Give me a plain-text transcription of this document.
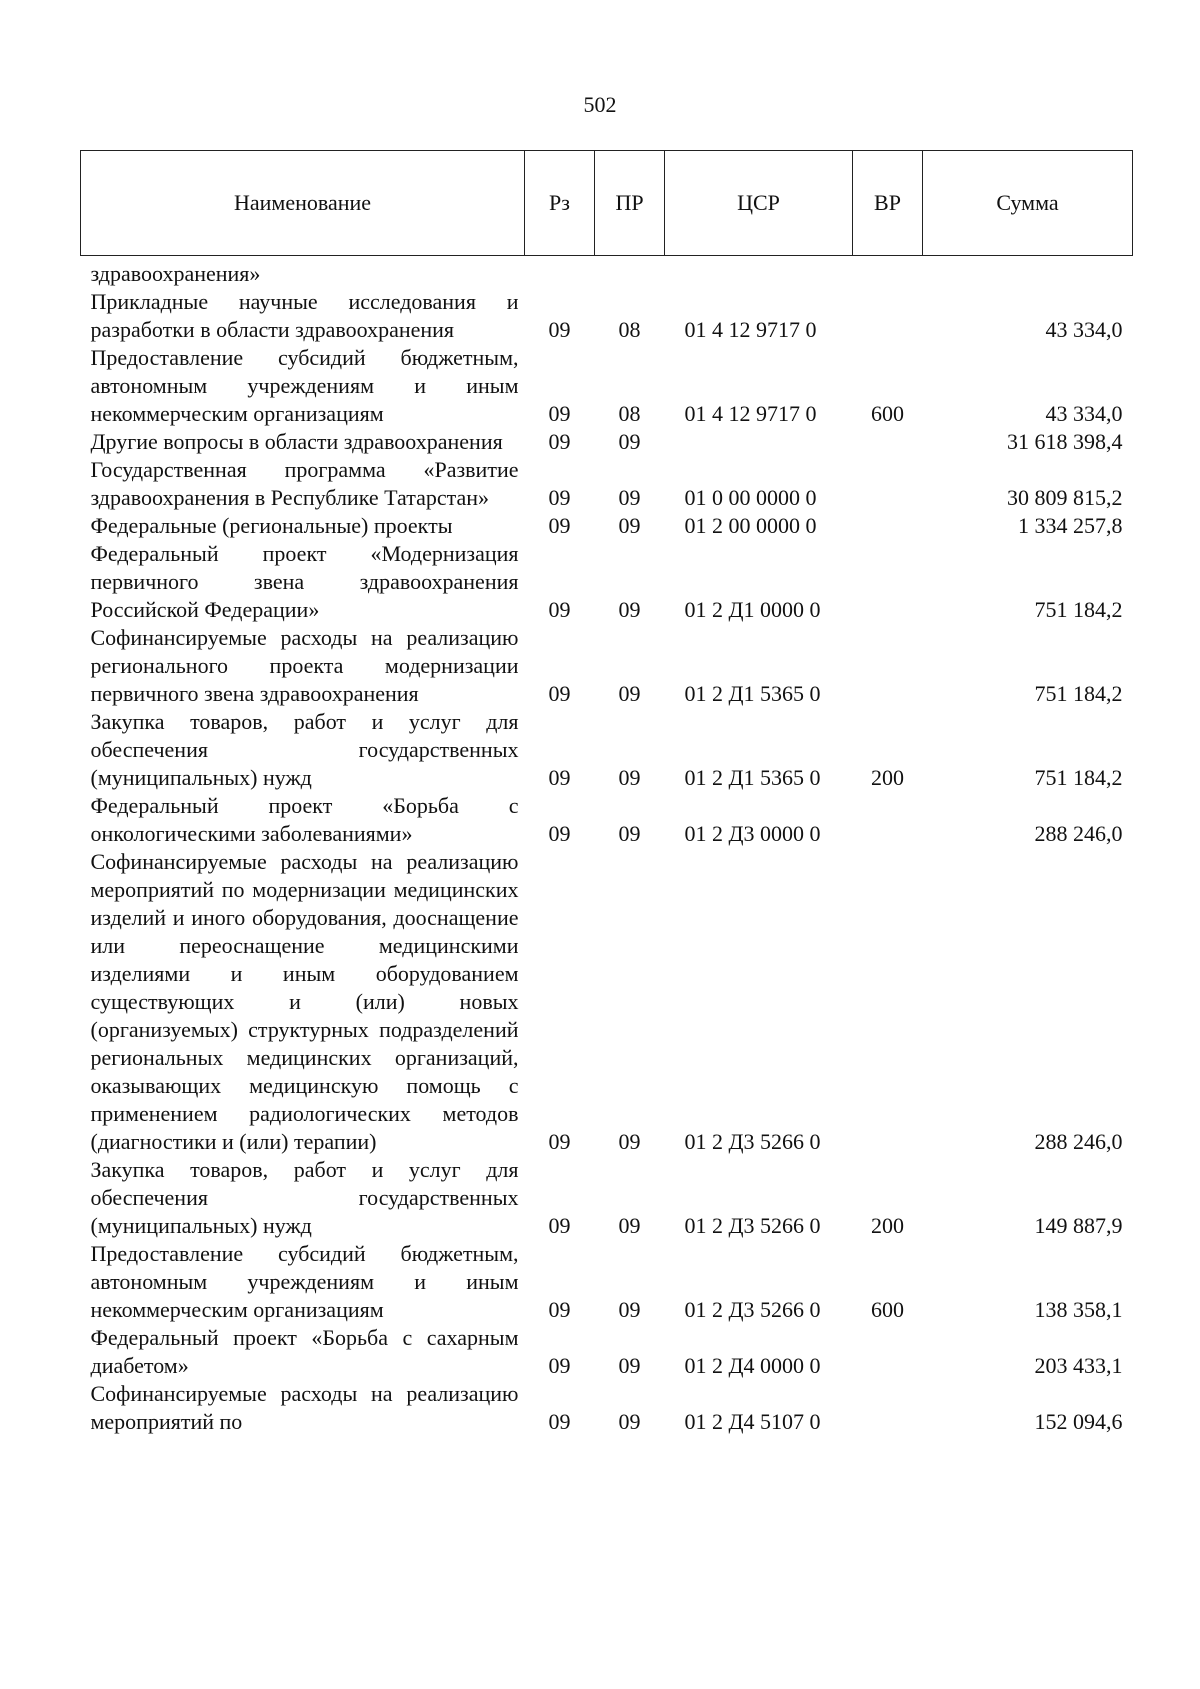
502
Наименование	Рз	ПР	ЦСР	ВР	Сумма
здравоохранения»					
Прикладные научные исследования и разработки в области здравоохранения	09	08	01 4 12 9717 0		43 334,0
Предоставление субсидий бюджетным, автономным учреждениям и иным некоммерческим организациям	09	08	01 4 12 9717 0	600	43 334,0
Другие вопросы в области здравоохранения	09	09			31 618 398,4
Государственная программа «Развитие здравоохранения в Республике Татарстан»	09	09	01 0 00 0000 0		30 809 815,2
Федеральные (региональные) проекты	09	09	01 2 00 0000 0		1 334 257,8
Федеральный проект «Модернизация первичного звена здравоохранения Российской Федерации»	09	09	01 2 Д1 0000 0		751 184,2
Софинансируемые расходы на реализацию регионального проекта модернизации первичного звена здравоохранения	09	09	01 2 Д1 5365 0		751 184,2
Закупка товаров, работ и услуг для обеспечения государственных (муниципальных) нужд	09	09	01 2 Д1 5365 0	200	751 184,2
Федеральный проект «Борьба с онкологическими заболеваниями»	09	09	01 2 Д3 0000 0		288 246,0
Софинансируемые расходы на реализацию мероприятий по модернизации медицинских изделий и иного оборудования, дооснащение или переоснащение медицинскими изделиями и иным оборудованием существующих и (или) новых (организуемых) структурных подразделений региональных медицинских организаций, оказывающих медицинскую помощь с применением радиологических методов (диагностики и (или) терапии)	09	09	01 2 Д3 5266 0		288 246,0
Закупка товаров, работ и услуг для обеспечения государственных (муниципальных) нужд	09	09	01 2 Д3 5266 0	200	149 887,9
Предоставление субсидий бюджетным, автономным учреждениям и иным некоммерческим организациям	09	09	01 2 Д3 5266 0	600	138 358,1
Федеральный проект «Борьба с сахарным диабетом»	09	09	01 2 Д4 0000 0		203 433,1
Софинансируемые расходы на реализацию мероприятий по	09	09	01 2 Д4 5107 0		152 094,6
